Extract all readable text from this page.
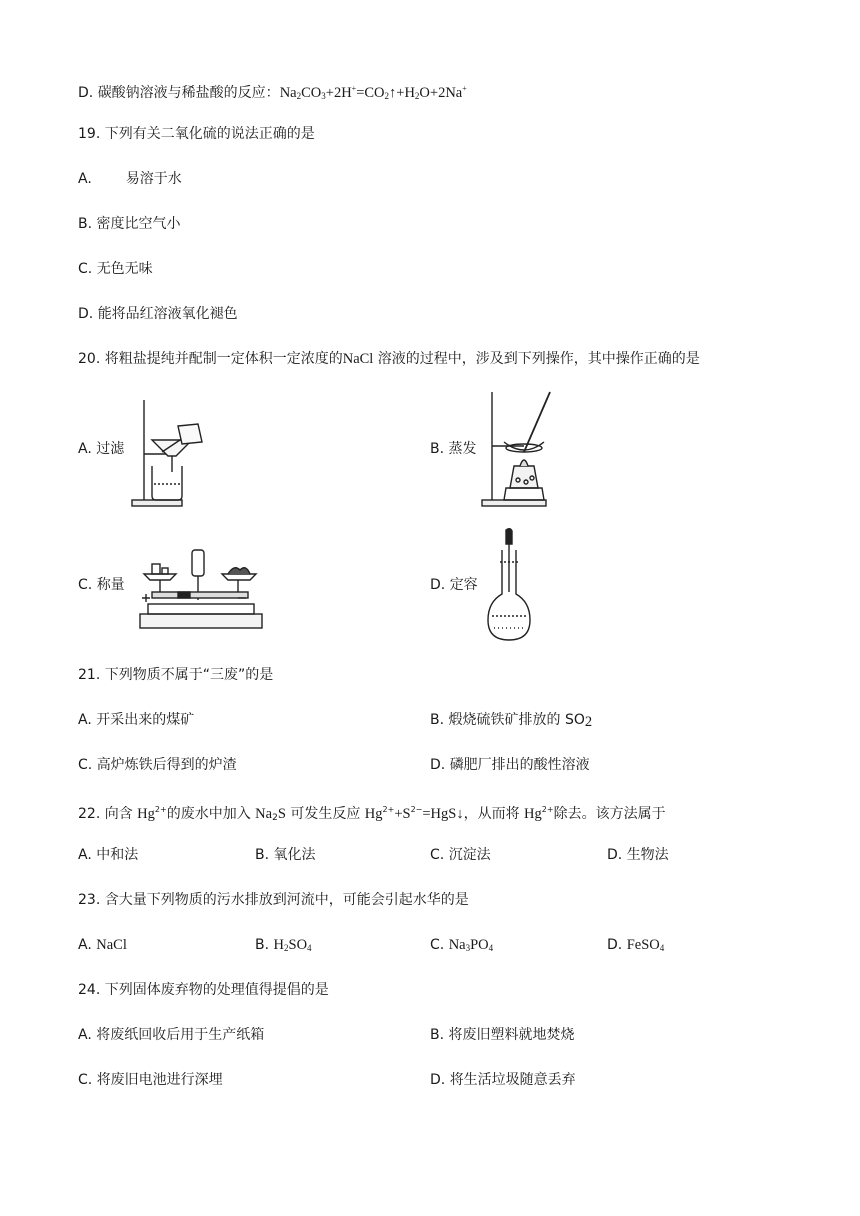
D. 碳酸钠溶液与稀盐酸的反应：$Na_2CO_3+2H^+=CO_2↑+H_2O+2Na^+$
19. 下列有关二氧化硫的说法正确的是
A. 易溶于水
B. 密度比空气小
C. 无色无味
D. 能将品红溶液氧化褪色
20. 将粗盐提纯并配制一定体积一定浓度的NaCl 溶液的过程中，涉及到下列操作，其中操作正确的是
A. 过滤	B. 蒸发
C. 称量	D. 定容
21. 下列物质不属于“三废”的是
A. 开采出来的煤矿	B. 煅烧硫铁矿排放的 $SO_2$
C. 高炉炼铁后得到的炉渣	D. 磷肥厂排出的酸性溶液
22. 向含 $Hg^{2+}$的废水中加入 $Na_2S$ 可发生反应 $Hg^{2+}+S^{2-}=HgS↓$，从而将 $Hg^{2+}$除去。该方法属于
A. 中和法	B. 氧化法	C. 沉淀法	D. 生物法
23. 含大量下列物质的污水排放到河流中，可能会引起水华的是
A. NaCl	B. $H_2SO_4$	C. $Na_3PO_4$	D. FeSO$_4$
24. 下列固体废弃物的处理值得提倡的是
A. 将废纸回收后用于生产纸箱	B. 将废旧塑料就地焚烧
C. 将废旧电池进行深埋	D. 将生活垃圾随意丢弃
